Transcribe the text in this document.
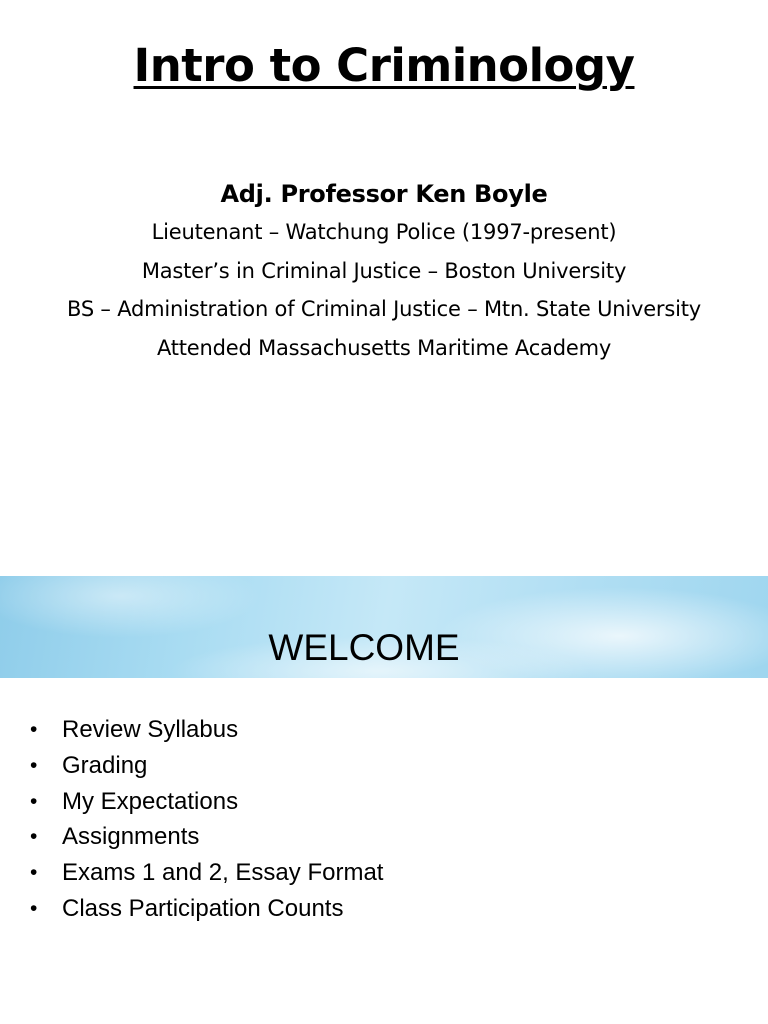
Intro to Criminology
Adj. Professor Ken Boyle
Lieutenant – Watchung Police (1997-present)
Master’s in Criminal Justice – Boston University
BS – Administration of Criminal Justice – Mtn. State University
Attended Massachusetts Maritime Academy
WELCOME
• Review Syllabus
• Grading
• My Expectations
• Assignments
• Exams 1 and 2, Essay Format
• Class Participation Counts
